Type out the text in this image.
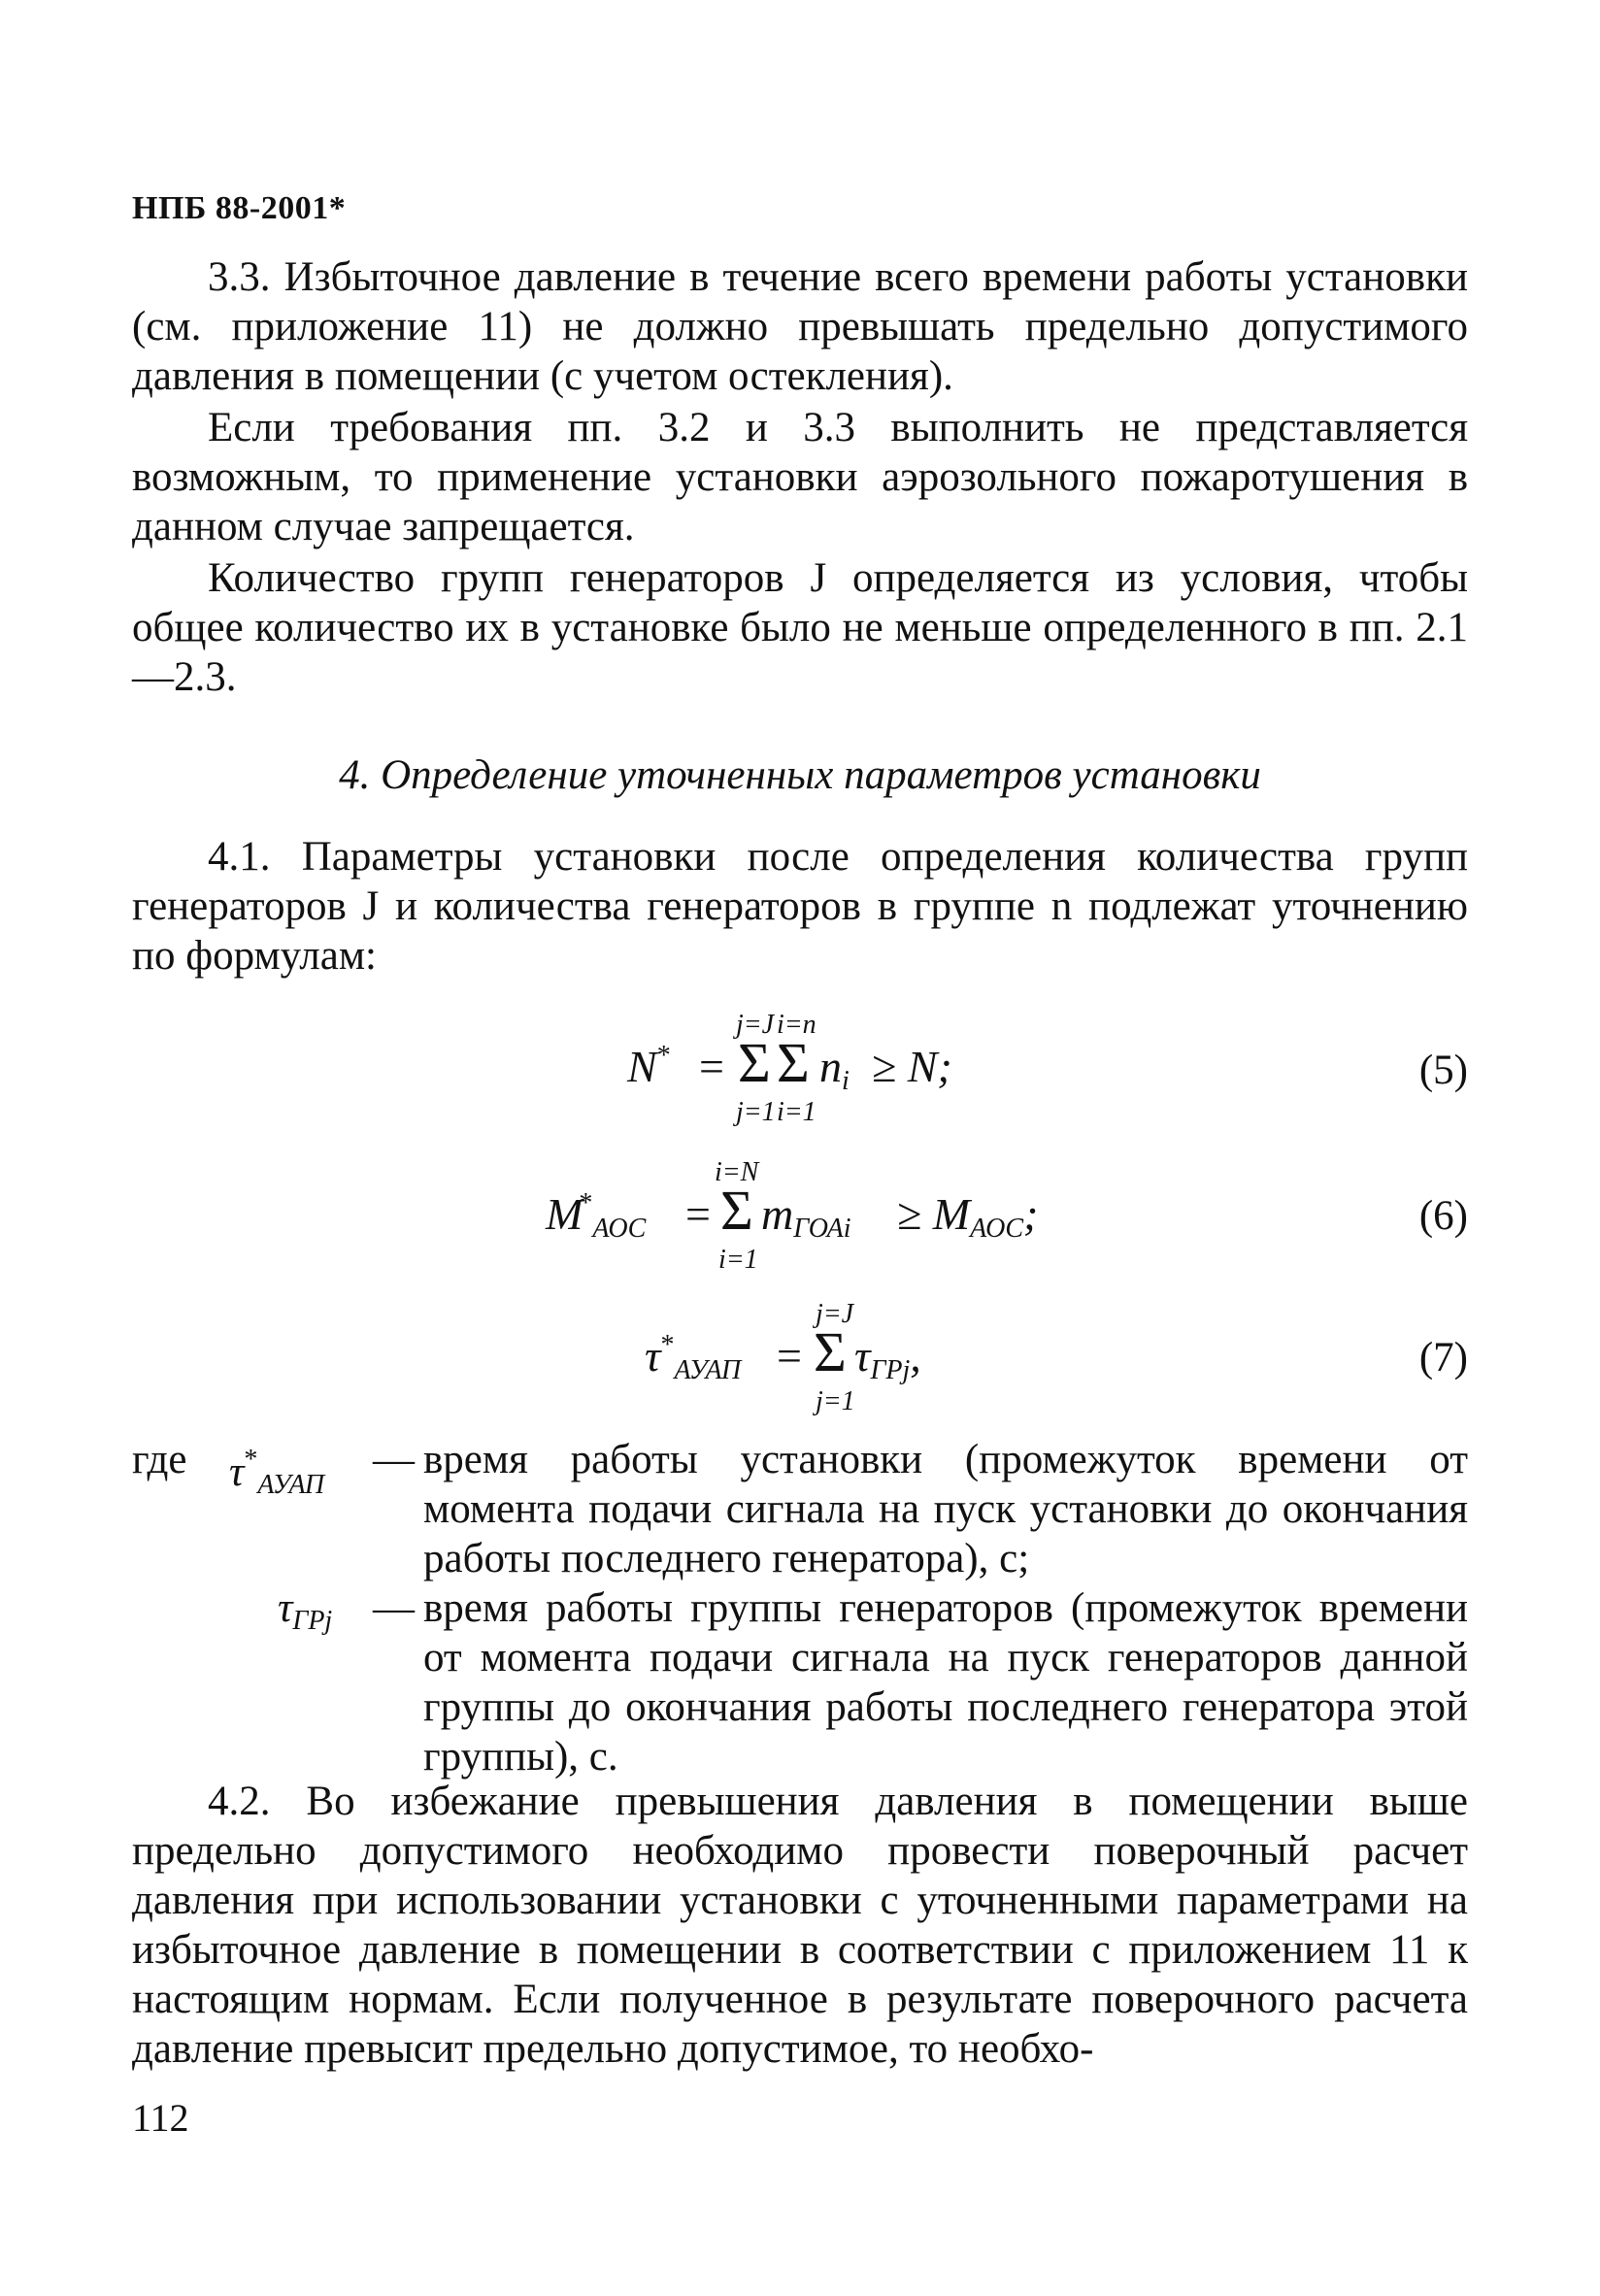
НПБ 88-2001*

3.3. Избыточное давление в течение всего времени работы установки (см. приложение 11) не должно превышать предельно допустимого давления в помещении (с учетом остекления).

Если требования пп. 3.2 и 3.3 выполнить не представляется возможным, то применение установки аэрозольного пожаротушения в данном случае запрещается.

Количество групп генераторов J определяется из условия, чтобы общее количество их в установке было не меньше определенного в пп. 2.1—2.3.

4. Определение уточненных параметров установки

4.1. Параметры установки после определения количества групп генераторов J и количества генераторов в группе n подлежат уточнению по формулам:

N* =
j=J i=n
Σ Σ
j=1 i=1
$n_i \ge N$;	(5)
$M^*_{АОС}$ =
i=N
Σ
i=1
$m_{ГОАi} \ge M_{АОС}$;	(6)
$\tau^*_{АУАП}$ =
j=J
Σ
j=1
$\tau_{ГРj}$,	(7)
где $\tau^*_{АУАП}$
— время работы установки (промежуток времени от момента подачи сигнала на пуск установки до окончания работы последнего генератора), с;
$\tau_{ГРj}$ — время работы группы генераторов (промежуток времени от момента подачи сигнала на пуск генераторов данной группы до окончания работы последнего генератора этой группы), с.

4.2. Во избежание превышения давления в помещении выше предельно допустимого необходимо провести поверочный расчет давления при использовании установки с уточненными параметрами на избыточное давление в помещении в соответствии с приложением 11 к настоящим нормам. Если полученное в результате поверочного расчета давление превысит предельно допустимое, то необхо-

112
